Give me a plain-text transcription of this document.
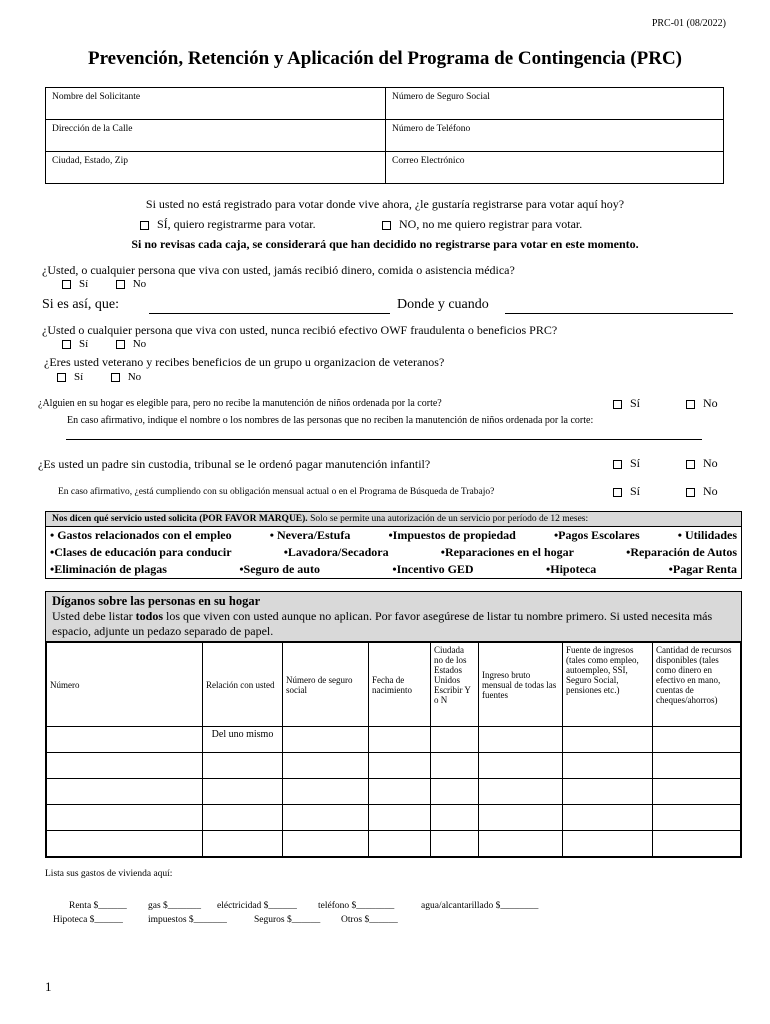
PRC-01 (08/2022)
Prevención, Retención y Aplicación del Programa de Contingencia (PRC)
Nombre del Solicitante	Número de Seguro Social
Dirección de la Calle	Número de Teléfono
Ciudad, Estado, Zip	Correo Electrónico
Si usted no está registrado para votar donde vive ahora, ¿le gustaría registrarse para votar aquí hoy?
SÍ, quiero registrarme para votar.	NO, no me quiero registrar para votar.
Si no revisas cada caja, se considerará que han decidido no registrarse para votar en este momento.
¿Usted, o cualquier persona que viva con usted, jamás recibió dinero, comida o asistencia médica?
Sí	No
Si es así, que:	Donde y cuando
¿Usted o cualquier persona que viva con usted, nunca recibió efectivo OWF fraudulenta o beneficios PRC?
Sí	No
¿Eres usted veterano y recibes beneficios de un grupo u organizacion de veteranos?
Sí	No
¿Alguien en su hogar es elegible para, pero no recibe la manutención de niños ordenada por la corte?	Sí	No
En caso afirmativo, indique el nombre o los nombres de las personas que no reciben la manutención de niños ordenada por la corte:
¿Es usted un padre sin custodia, tribunal se le ordenó pagar manutención infantil?	Sí	No
En caso afirmativo, ¿está cumpliendo con su obligación mensual actual o en el Programa de Búsqueda de Trabajo?	Sí	No
Nos dicen qué servicio usted solicita (POR FAVOR MARQUE). Solo se permite una autorización de un servicio por período de 12 meses:
• Gastos relacionados con el empleo	• Nevera/Estufa	•Impuestos de propiedad	•Pagos Escolares	• Utilidades
•Clases de educación para conducir	•Lavadora/Secadora	•Reparaciones en el hogar	•Reparación de Autos
•Eliminación de plagas	•Seguro de auto	•Incentivo GED	•Hipoteca	•Pagar Renta
Díganos sobre las personas en su hogar
Usted debe listar todos los que viven con usted aunque no aplican. Por favor asegúrese de listar tu nombre primero. Si usted necesita más espacio, adjunte un pedazo separado de papel.
Número	Relación con usted	Número de seguro social	Fecha de nacimiento	Ciudada no de los Estados Unidos Escribir Y o N	Ingreso bruto mensual de todas las fuentes	Fuente de ingresos (tales como empleo, autoempleo, SSI, Seguro Social, pensiones etc.)	Cantidad de recursos disponibles (tales como dinero en efectivo en mano, cuentas de cheques/ahorros)
	Del uno mismo						

Lista sus gastos de vivienda aquí:
Renta $______ gas $_______ eléctricidad $______ teléfono $________	agua/alcantarillado $________
Hipoteca $______	impuestos $_______	Seguros $______ Otros $______
1
